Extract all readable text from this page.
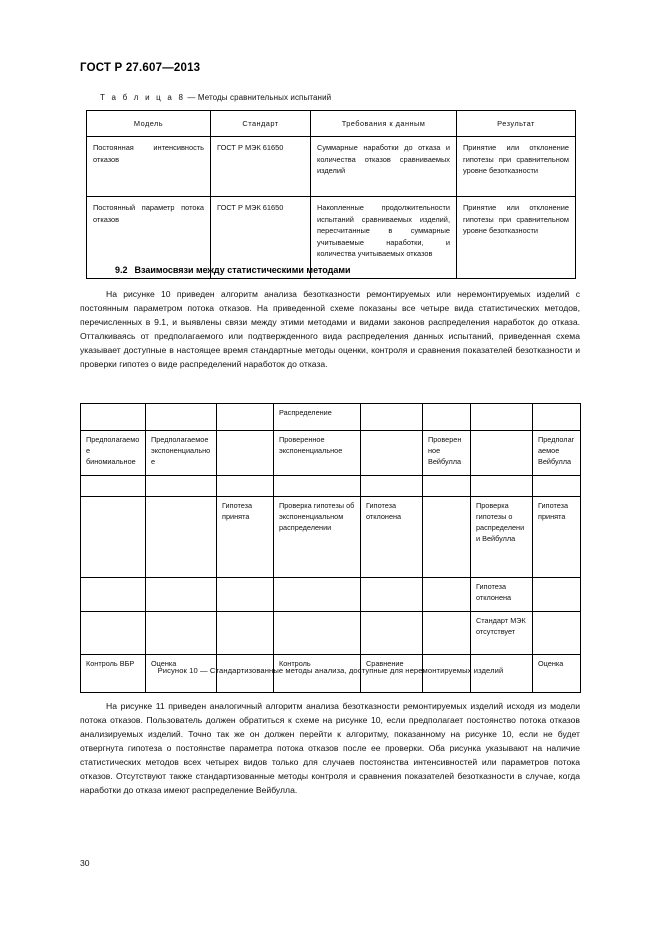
ГОСТ Р 27.607—2013
Т а б л и ц а 8 — Методы сравнительных испытаний
Модель	Стандарт	Требования к данным	Результат
Постоянная интенсивность отказов	ГОСТ Р МЭК 61650	Суммарные наработки до отказа и количества отказов сравниваемых изделий	Принятие или отклонение гипотезы при сравнительном уровне безотказности
Постоянный параметр потока отказов	ГОСТ Р МЭК 61650	Накопленные продолжительности испытаний сравниваемых изделий, пересчитанные в суммарные учитываемые наработки, и количества учитываемых отказов	Принятие или отклонение гипотезы при сравнительном уровне безотказности
9.2 Взаимосвязи между статистическими методами
На рисунке 10 приведен алгоритм анализа безотказности ремонтируемых или неремонтируемых изделий с постоянным параметром потока отказов. На приведенной схеме показаны все четыре вида статистических методов, перечисленных в 9.1, и выявлены связи между этими методами и видами законов распределения наработок до отказа. Отталкиваясь от предполагаемого или подтвержденного вида распределения данных испытаний, приведенная схема указывает доступные в настоящее время стандартные методы оценки, контроля и сравнения показателей безотказности и проверки гипотез о виде распределений наработок до отказа.
			Распределение				
Предполагаемое биномиальное	Предполагаемое экспоненциальное		Проверенное экспоненциальное		Проверенное Вейбулла		Предполагаемое Вейбулла

		Гипотеза принята	Проверка гипотезы об экспоненциальном распределении	Гипотеза отклонена		Проверка гипотезы о распределении Вейбулла	Гипотеза принята
						Гипотеза отклонена	
						Стандарт МЭК отсутствует	
Контроль ВБР	Оценка		Контроль	Сравнение			Оценка
Рисунок 10 — Стандартизованные методы анализа, доступные для неремонтируемых изделий
На рисунке 11 приведен аналогичный алгоритм анализа безотказности ремонтируемых изделий исходя из модели потока отказов. Пользователь должен обратиться к схеме на рисунке 10, если предполагает постоянство потока отказов анализируемых изделий. Точно так же он должен перейти к алгоритму, показанному на рисунке 10, если не будет отвергнута гипотеза о постоянстве параметра потока отказов после ее проверки. Оба рисунка указывают на наличие статистических методов всех четырех видов только для случаев постоянства интенсивностей или параметров потока отказов. Отсутствуют также стандартизованные методы контроля и сравнения показателей безотказности в случае, когда наработки до отказа имеют распределение Вейбулла.
30
